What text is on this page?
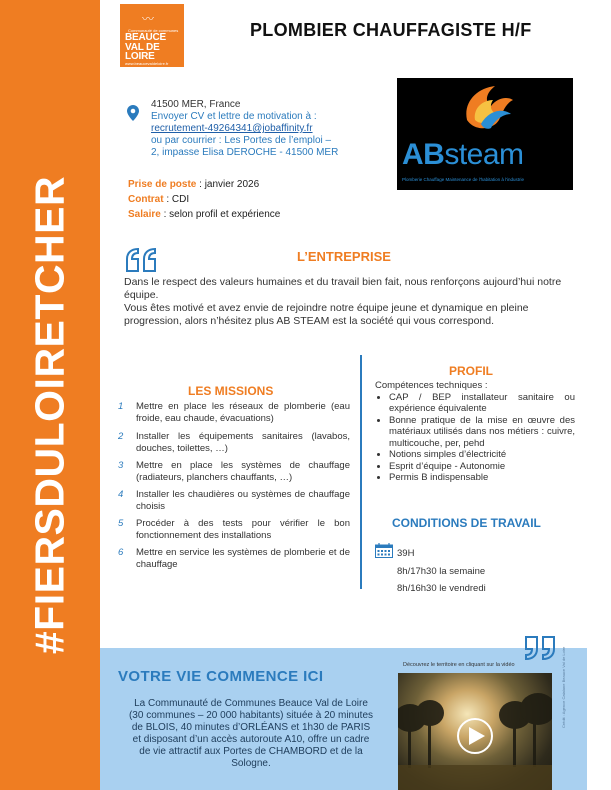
#FIERSDULOIRETCHER
〰
Communauté de communes
BEAUCE
VAL DE
LOIRE
www.beaucevaldeloire.fr
PLOMBIER CHAUFFAGISTE H/F
ABsteam
Plomberie Chauffage Maintenance de l'habitation à l'industrie
41500 MER, France
Envoyer CV et lettre de motivation à :
recrutement-49264341@jobaffinity.fr
ou par courrier : Les Portes de l’emploi –
2, impasse Elisa DEROCHE - 41500 MER
Prise de poste : janvier 2026
Contrat : CDI
Salaire : selon profil et expérience
L’ENTREPRISE
Dans le respect des valeurs humaines et du travail bien fait, nous renforçons aujourd’hui notre équipe.
Vous êtes motivé et avez envie de rejoindre notre équipe jeune et dynamique en pleine progression, alors n’hésitez plus AB STEAM est la société qui vous correspond.
LES MISSIONS
1	Mettre en place les réseaux de plomberie (eau froide, eau chaude, évacuations)
2	Installer les équipements sanitaires (lavabos, douches, toilettes, …)
3	Mettre en place les systèmes de chauffage (radiateurs, planchers chauffants, …)
4	Installer les chaudières ou systèmes de chauffage choisis
5	Procéder à des tests pour vérifier le bon fonctionnement des installations
6	Mettre en service les systèmes de plomberie et de chauffage
PROFIL
Compétences techniques :
• CAP / BEP installateur sanitaire ou expérience équivalente
• Bonne pratique de la mise en œuvre des matériaux utilisés dans nos métiers : cuivre, multicouche, per, pehd
• Notions simples d’électricité
• Esprit d’équipe - Autonomie
• Permis B indispensable
CONDITIONS DE TRAVAIL
39H
8h/17h30 la semaine
8h/16h30 le vendredi
VOTRE VIE COMMENCE ICI
La Communauté de Communes Beauce Val de Loire (30 communes – 20 000 habitants) située à 20 minutes de BLOIS, 40 minutes d’ORLÉANS et 1h30 de PARIS et disposant d’un accès autoroute A10, offre un cadre de vie attractif aux Portes de CHAMBORD et de la Sologne.
Découvrez le territoire en cliquant sur la vidéo	Crédit : Agence Catalane Beauce Val de Loire
